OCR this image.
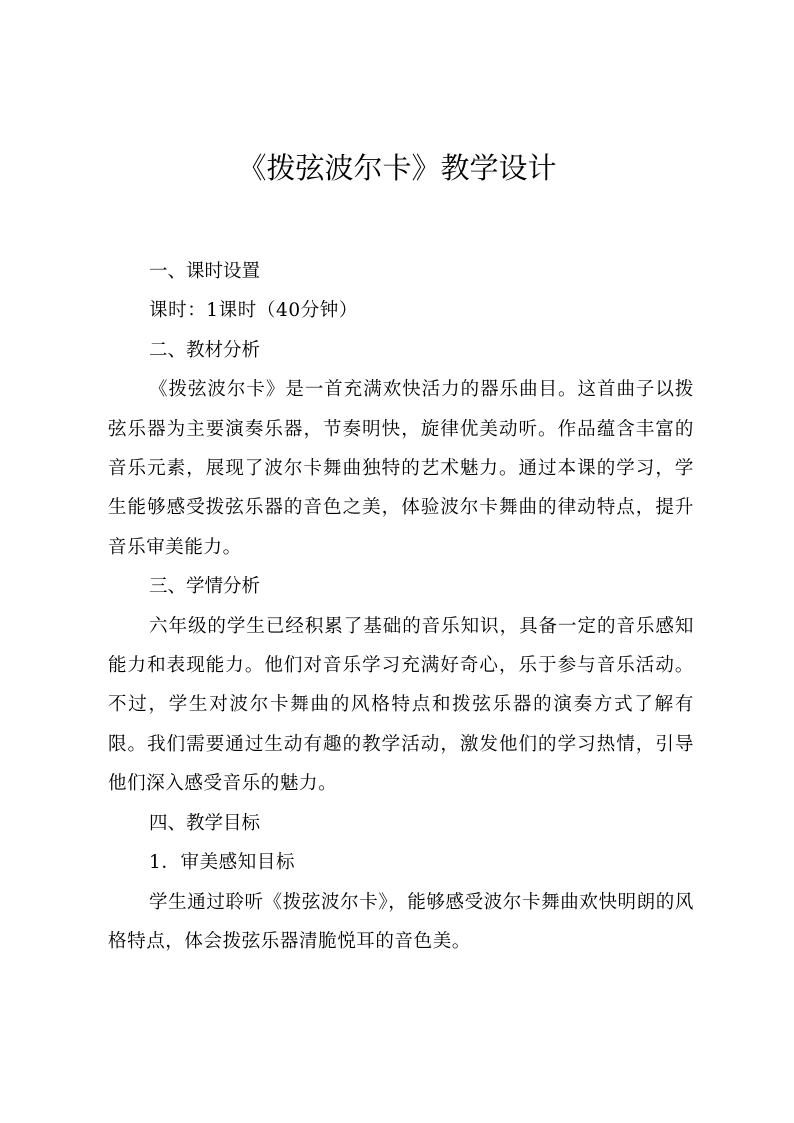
《拨弦波尔卡》教学设计
一、课时设置

课时：1课时（40分钟）

二、教材分析

《拨弦波尔卡》是一首充满欢快活力的器乐曲目。这首曲子以拨弦乐器为主要演奏乐器，节奏明快，旋律优美动听。作品蕴含丰富的音乐元素，展现了波尔卡舞曲独特的艺术魅力。通过本课的学习，学生能够感受拨弦乐器的音色之美，体验波尔卡舞曲的律动特点，提升音乐审美能力。

三、学情分析

六年级的学生已经积累了基础的音乐知识，具备一定的音乐感知能力和表现能力。他们对音乐学习充满好奇心，乐于参与音乐活动。不过，学生对波尔卡舞曲的风格特点和拨弦乐器的演奏方式了解有限。我们需要通过生动有趣的教学活动，激发他们的学习热情，引导他们深入感受音乐的魅力。

四、教学目标

1．审美感知目标

学生通过聆听《拨弦波尔卡》，能够感受波尔卡舞曲欢快明朗的风格特点，体会拨弦乐器清脆悦耳的音色美。
